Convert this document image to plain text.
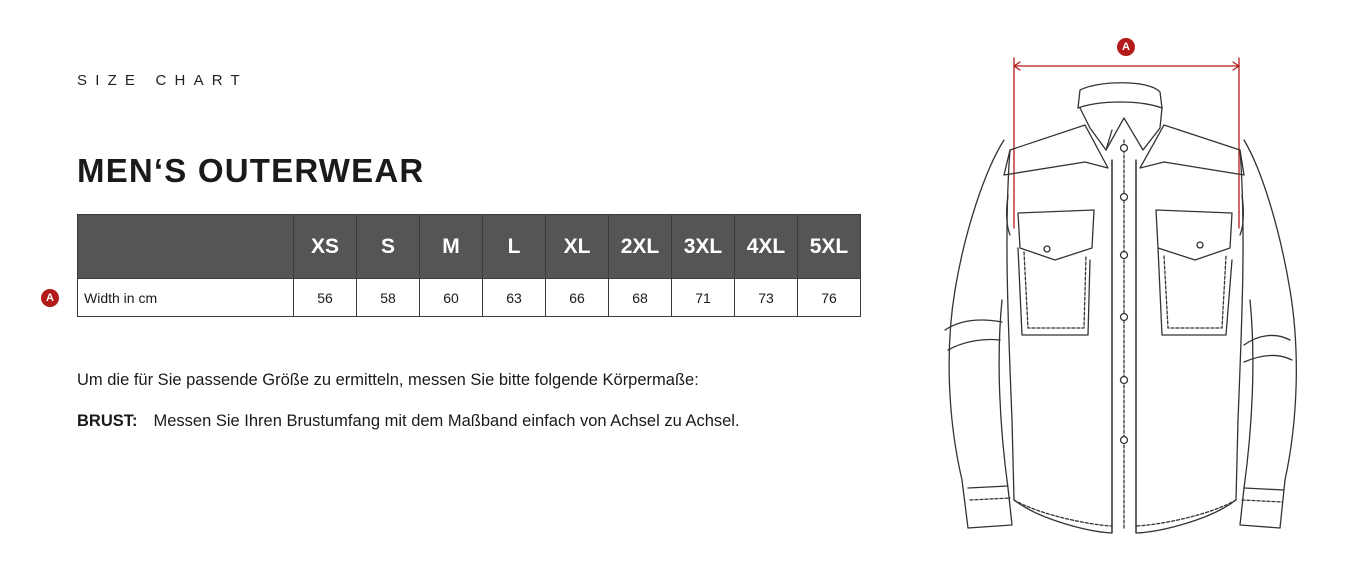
SIZE CHART
MEN‘S OUTERWEAR
	XS	S	M	L	XL	2XL	3XL	4XL	5XL
Width in cm	56	58	60	63	66	68	71	73	76
A
Um die für Sie passende Größe zu ermitteln, messen Sie bitte folgende Körpermaße:
BRUST: Messen Sie Ihren Brustumfang mit dem Maßband einfach von Achsel zu Achsel.
A
